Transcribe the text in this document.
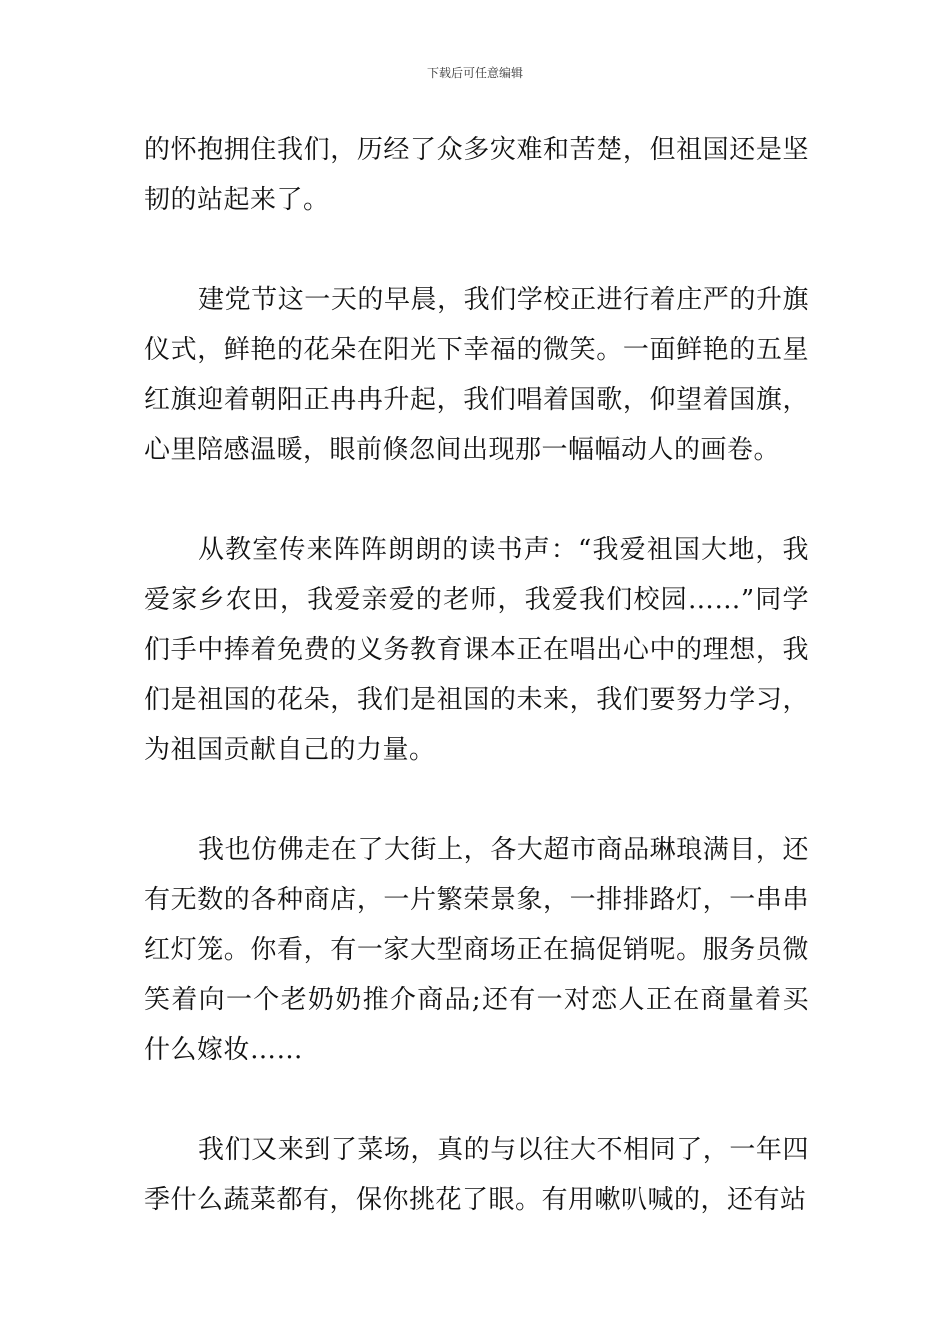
下载后可任意编辑

的怀抱拥住我们，历经了众多灾难和苦楚，但祖国还是坚韧的站起来了。

建党节这一天的早晨，我们学校正进行着庄严的升旗仪式，鲜艳的花朵在阳光下幸福的微笑。一面鲜艳的五星红旗迎着朝阳正冉冉升起，我们唱着国歌，仰望着国旗，心里陪感温暖，眼前倏忽间出现那一幅幅动人的画卷。

从教室传来阵阵朗朗的读书声：“我爱祖国大地，我爱家乡农田，我爱亲爱的老师，我爱我们校园……”同学们手中捧着免费的义务教育课本正在唱出心中的理想，我们是祖国的花朵，我们是祖国的未来，我们要努力学习，为祖国贡献自己的力量。

我也仿佛走在了大街上，各大超市商品琳琅满目，还有无数的各种商店，一片繁荣景象，一排排路灯，一串串红灯笼。你看，有一家大型商场正在搞促销呢。服务员微笑着向一个老奶奶推介商品;还有一对恋人正在商量着买什么嫁妆……

我们又来到了菜场，真的与以往大不相同了，一年四季什么蔬菜都有，保你挑花了眼。有用嗽叭喊的，还有站
